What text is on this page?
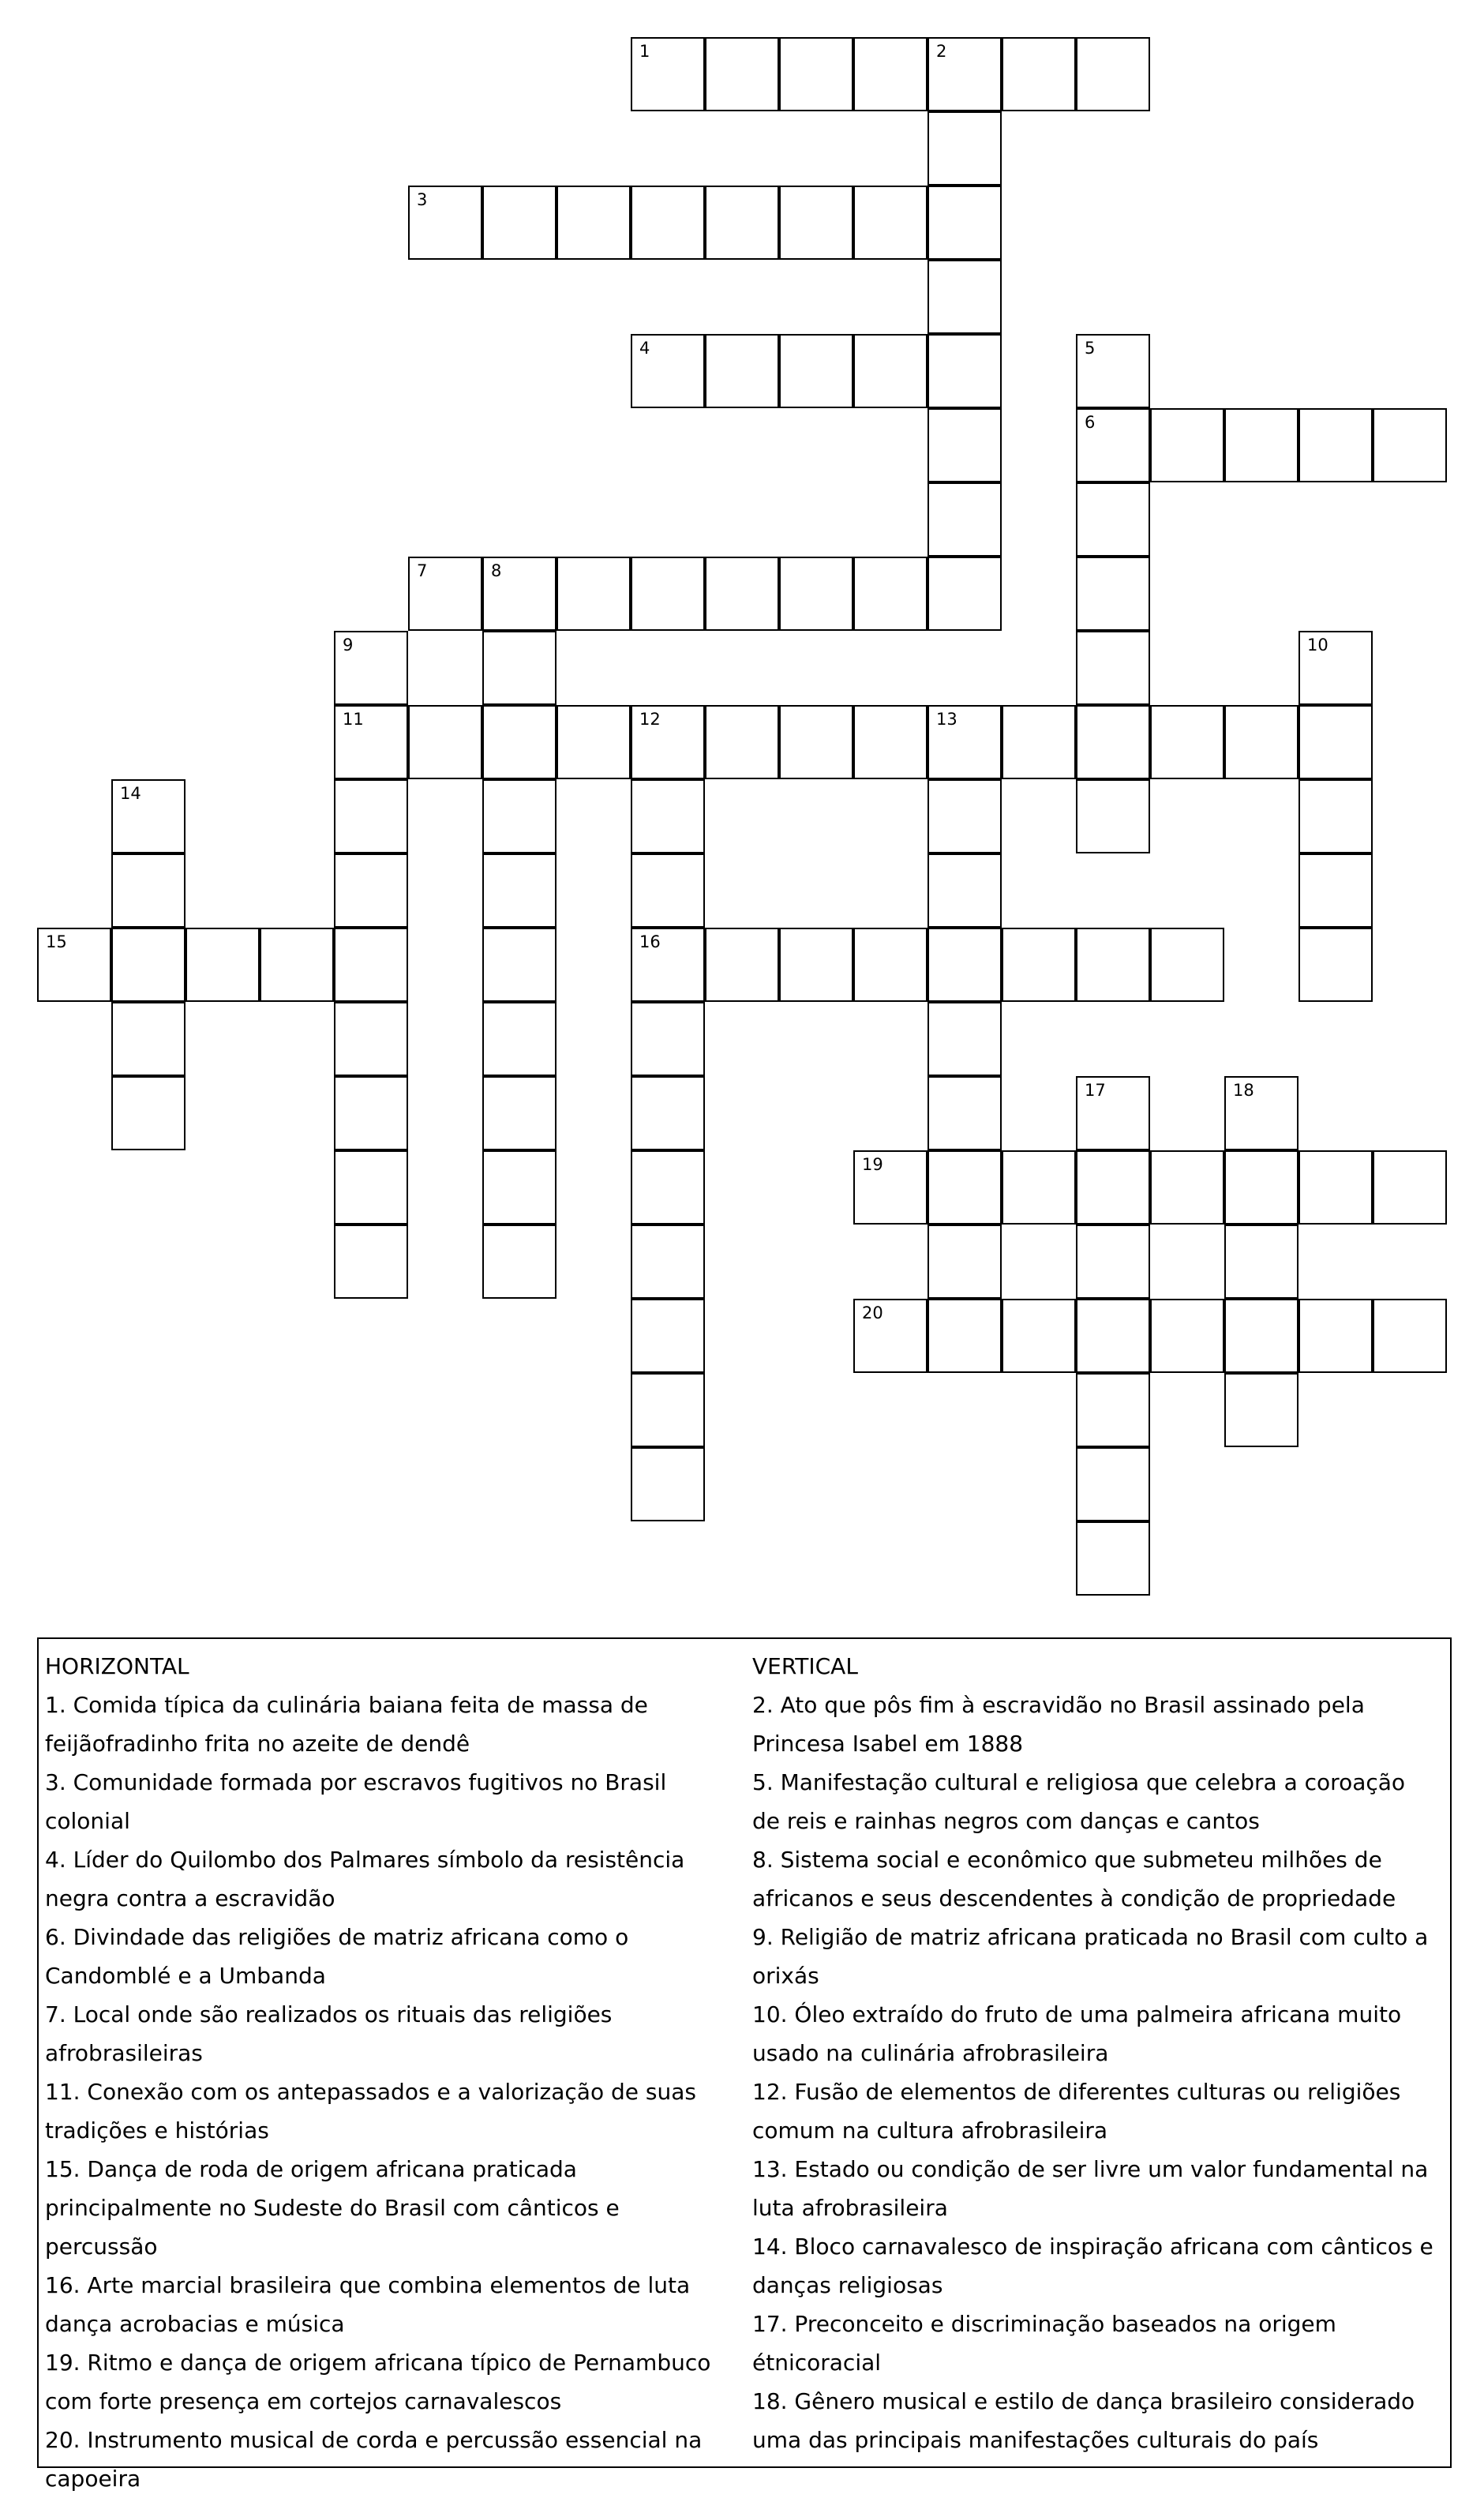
1	2
3
4	5
6
7	8
9
11
10
12	13
16
14
15
17	18
19
20
HORIZONTAL
1. Comida típica da culinária baiana feita de massa de feijãofradinho frita no azeite de dendê
3. Comunidade formada por escravos fugitivos no Brasil colonial
4. Líder do Quilombo dos Palmares símbolo da resistência negra contra a escravidão
6. Divindade das religiões de matriz africana como o Candomblé e a Umbanda
7. Local onde são realizados os rituais das religiões afrobrasileiras
11. Conexão com os antepassados e a valorização de suas tradições e histórias
15. Dança de roda de origem africana praticada principalmente no Sudeste do Brasil com cânticos e percussão
16. Arte marcial brasileira que combina elementos de luta dança acrobacias e música
19. Ritmo e dança de origem africana típico de Pernambuco com forte presença em cortejos carnavalescos
20. Instrumento musical de corda e percussão essencial na capoeira
VERTICAL
2. Ato que pôs fim à escravidão no Brasil assinado pela Princesa Isabel em 1888
5. Manifestação cultural e religiosa que celebra a coroação de reis e rainhas negros com danças e cantos
8. Sistema social e econômico que submeteu milhões de africanos e seus descendentes à condição de propriedade
9. Religião de matriz africana praticada no Brasil com culto a orixás
10. Óleo extraído do fruto de uma palmeira africana muito usado na culinária afrobrasileira
12. Fusão de elementos de diferentes culturas ou religiões comum na cultura afrobrasileira
13. Estado ou condição de ser livre um valor fundamental na luta afrobrasileira
14. Bloco carnavalesco de inspiração africana com cânticos e danças religiosas
17. Preconceito e discriminação baseados na origem étnicoracial
18. Gênero musical e estilo de dança brasileiro considerado uma das principais manifestações culturais do país
